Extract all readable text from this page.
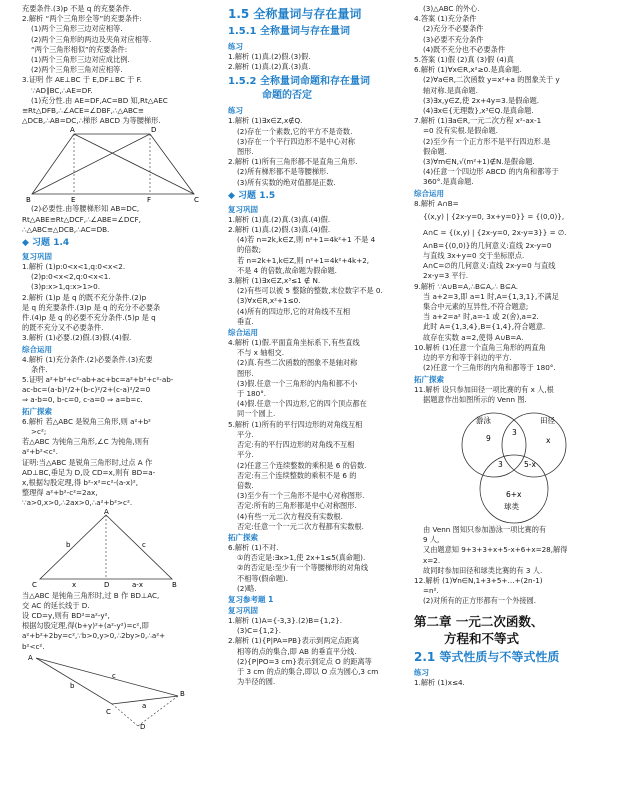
充要条件.(3)p 不是 q 的充要条件.
2.解析 “两个三角形全等”的充要条件:
(1)两个三角形三边对应相等.
(2)两个三角形的两边及夹角对应相等.
“两个三角形相似”的充要条件:
(1)两个三角形三边对应成比例.
(2)两个三角形三角对应相等.
3.证明 作 AE⊥BC 于 E,DF⊥BC 于 F.
∵AD∥BC,∴AE=DF.
(1)充分性.由 AE=DF,AC=BD 知,Rt△AEC
≌Rt△DFB,∴∠ACE=∠DBF,∴△ABC≌
△DCB,∴AB=DC,∴梯形 ABCD 为等腰梯形.
A	D
B	E	F	C
(2)必要性.由等腰梯形知 AB=DC,
Rt△ABE≌Rt△DCF,∴∠ABE=∠DCF,
∴△ABC≌△DCB,∴AC=DB.
◆ 习题 1.4
复习巩固
1.解析 (1)p:0<x<1,q:0<x<2.
(2)p:0<x<2,q:0<x<1.
(3)p:x>1,q:x>1>0.
2.解析 (1)p 是 q 的既不充分条件.(2)p
是 q 的充要条件.(3)p 是 q 的充分不必要条
件.(4)p 是 q 的必要不充分条件.(5)p 是 q
的既不充分又不必要条件.
3.解析 (1)必要.(2)假.(3)假.(4)假.
综合运用
4.解析 (1)充分条件.(2)必要条件.(3)充要
条件.
5.证明 a²+b²+c²-ab+ac+bc=a²+b²+c²-ab-
ac-bc=(a-b)²/2+(b-c)²/2+(c-a)²/2=0
⇒ a-b=0, b-c=0, c-a=0 ⇒ a=b=c.
拓广探索
6.解析 若△ABC 是锐角三角形,则 a²+b²
>c²;
若△ABC 为钝角三角形,∠C 为钝角,则有
a²+b²<c².
证明:当△ABC 是锐角三角形时,过点 A 作
AD⊥BC,垂足为 D,设 CD=x,则有 BD=a-
x,根据勾股定理,得 b²-x²=c²-(a-x)²,
整理得 a²+b²-c²=2ax,
∵a>0,x>0,∴2ax>0,∴a²+b²>c².
A
b	c
C	x	D	a-x	B
当△ABC 是钝角三角形时,过 B 作 BD⊥AC,
交 AC 的延长线于 D.
设 CD=y,则有 BD²=a²-y²,
根据勾股定理,得(b+y)²+(a²-y²)=c²,即
a²+b²+2by=c²,∵b>0,y>0,∴2by>0,∴a²+
b²<c².
A
b
C
a
D
c
B
1.5 全称量词与存在量词
1.5.1 全称量词与存在量词
练习
1.解析 (1)真.(2)假.(3)假.
2.解析 (1)真.(2)真.(3)真.
1.5.2 全称量词命题和存在量词
命题的否定
练习
1.解析 (1)∃x∈Z,x∉Q.
(2)存在一个素数,它的平方不是奇数.
(3)存在一个平行四边形不是中心对称
图形.
2.解析 (1)所有三角形都不是直角三角形.
(2)所有梯形都不是等腰梯形.
(3)所有实数的绝对值都是正数.
◆ 习题 1.5
复习巩固
1.解析 (1)真.(2)真.(3)真.(4)假.
2.解析 (1)真.(2)假.(3)真.(4)假.
(4)若 n=2k,k∈Z,则 n²+1=4k²+1 不是 4
的倍数;
若 n=2k+1,k∈Z,则 n²+1=4k²+4k+2,
不是 4 的倍数,故命题为假命题.
3.解析 (1)∃x∈Z,x³≤1 ∉ N.
(2)有些可以被 5 整除的整数,末位数字不是 0.
(3)∀x∈R,x²+1≤0.
(4)所有的四边形,它的对角线不互相
垂直.
综合运用
4.解析 (1)假.平面直角坐标系下,有些直线
不与 x 轴相交.
(2)真.有些二次函数的图象不是轴对称
图形.
(3)假.任意一个三角形的内角和都不小
于 180°.
(4)假.任意一个四边形,它的四个顶点都在
同一个圆上.
5.解析 (1)所有的平行四边形的对角线互相
平分.
否定:有的平行四边形的对角线不互相
平分.
(2)任意三个连续整数的乘积是 6 的倍数.
否定:有三个连续整数的乘积不是 6 的
倍数.
(3)至少有一个三角形不是中心对称图形.
否定:所有的三角形都是中心对称图形.
(4)有些一元二次方程没有实数根.
否定:任意一个一元二次方程都有实数根.
拓广探索
6.解析 (1)不对.
①的否定是:∃x>1,使 2x+1≤5(真命题).
②的否定是:至少有一个等腰梯形的对角线
不相等(假命题).
(2)略.
复习参考题 1
复习巩固
1.解析 (1)A={-3,3}.(2)B={1,2}.
(3)C={1,2}.
2.解析 (1){P|PA=PB}表示到两定点距离
相等的点的集合,即 AB 的垂直平分线.
(2){P|PO=3 cm}表示到定点 O 的距离等
于 3 cm 的点的集合,即以 O 点为圆心,3 cm
为半径的圆.
(3)△ABC 的外心.
4.答案 (1)充分条件
(2)充分不必要条件
(3)必要不充分条件
(4)既不充分也不必要条件
5.答案 (1)假 (2)真 (3)假 (4)真
6.解析 (1)∀x∈R,x²≥0.是真命题.
(2)∀a∈R,二次函数 y=x²+a 的图象关于 y
轴对称.是真命题.
(3)∃x,y∈Z,使 2x+4y=3.是假命题.
(4)∃x∈{无理数},x³∈Q.是真命题.
7.解析 (1)∃a∈R,一元二次方程 x²-ax-1
=0 没有实根.是假命题.
(2)至少有一个正方形不是平行四边形.是
假命题.
(3)∀m∈N,√(m²+1)∉N.是假命题.
(4)任意一个四边形 ABCD 的内角和都等于
360°.是真命题.
综合运用
8.解析 A∩B=
{(x,y) | {2x-y=0, 3x+y=0}} = {(0,0)},
A∩C = {(x,y) | {2x-y=0, 2x-y=3}} = ∅.
A∩B={(0,0)}的几何意义:直线 2x-y=0
与直线 3x+y=0 交于坐标原点.
A∩C=∅的几何意义:直线 2x-y=0 与直线
2x-y=3 平行.
9.解析 ∵A∪B=A,∴B⊆A,∴ B⊆A.
当 a+2=3,即 a=1 时,A={1,3,1},不满足
集合中元素的互异性,不符合题意;
当 a+2=a² 时,a=-1 或 2(舍),a=2.
此时 A={1,3,4},B={1,4},符合题意.
故存在实数 a=2,使得 A∪B=A.
10.解析 (1)任意一个直角三角形的两直角
边的平方和等于斜边的平方.
(2)任意一个三角形的内角和都等于 180°.
拓广探索
11.解析 设只参加田径一项比赛的有 x 人,根
据题意作出如图所示的 Venn 图.
游泳	田径
9
3
x
3	5-x
6+x
球类
由 Venn 图知只参加游泳一项比赛的有
9 人,
又由题意知 9+3+3+x+5-x+6+x=28,解得
x=2.
故同时参加田径和球类比赛的有 3 人.
12.解析 (1)∀n∈N,1+3+5+…+(2n-1)
=n².
(2)对所有的正方形都有一个外接圆.
第二章 一元二次函数、
方程和不等式
2.1 等式性质与不等式性质
练习
1.解析 (1)x≤4.
